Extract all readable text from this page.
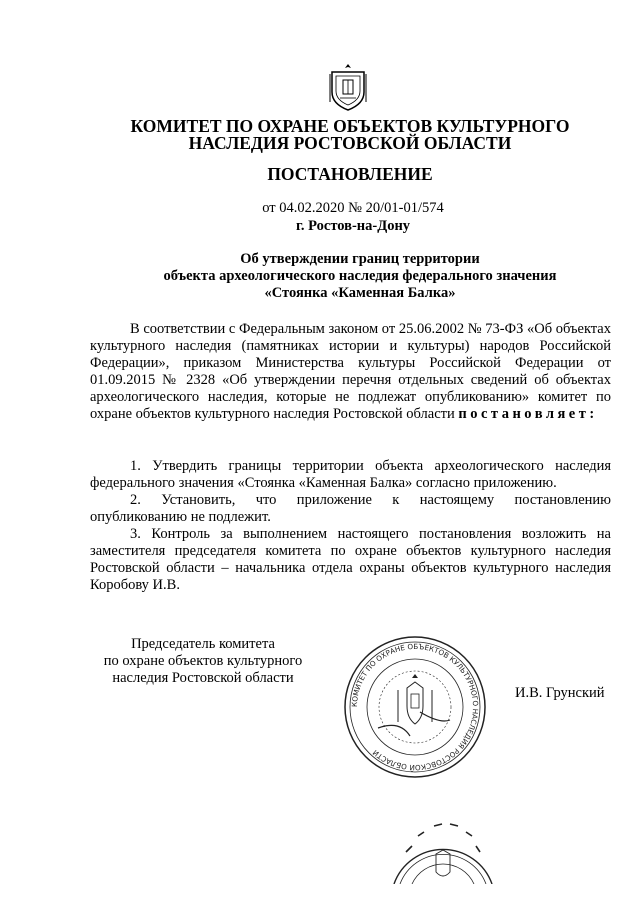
КОМИТЕТ ПО ОХРАНЕ ОБЪЕКТОВ КУЛЬТУРНОГО
НАСЛЕДИЯ РОСТОВСКОЙ ОБЛАСТИ
ПОСТАНОВЛЕНИЕ
от 04.02.2020 № 20/01-01/574
г. Ростов-на-Дону
Об утверждении границ территории
объекта археологического наследия федерального значения
«Стоянка «Каменная Балка»

В соответствии с Федеральным законом от 25.06.2002 № 73-ФЗ «Об объектах культурного наследия (памятниках истории и культуры) народов Российской Федерации», приказом Министерства культуры Российской Федерации от 01.09.2015 № 2328 «Об утверждении перечня отдельных сведений об объектах археологического наследия, которые не подлежат опубликованию» комитет по охране объектов культурного наследия Ростовской области постановляет:

1. Утвердить границы территории объекта археологического наследия федерального значения «Стоянка «Каменная Балка» согласно приложению.

2. Установить, что приложение к настоящему постановлению опубликованию не подлежит.

3. Контроль за выполнением настоящего постановления возложить на заместителя председателя комитета по охране объектов культурного наследия Ростовской области – начальника отдела охраны объектов культурного наследия Коробову И.В.

Председатель комитета
по охране объектов культурного
наследия Ростовской области
КОМИТЕТ ПО ОХРАНЕ ОБЪЕКТОВ КУЛЬТУРНОГО НАСЛЕДИЯ РОСТОВСКОЙ ОБЛАСТИ
И.В. Грунский
